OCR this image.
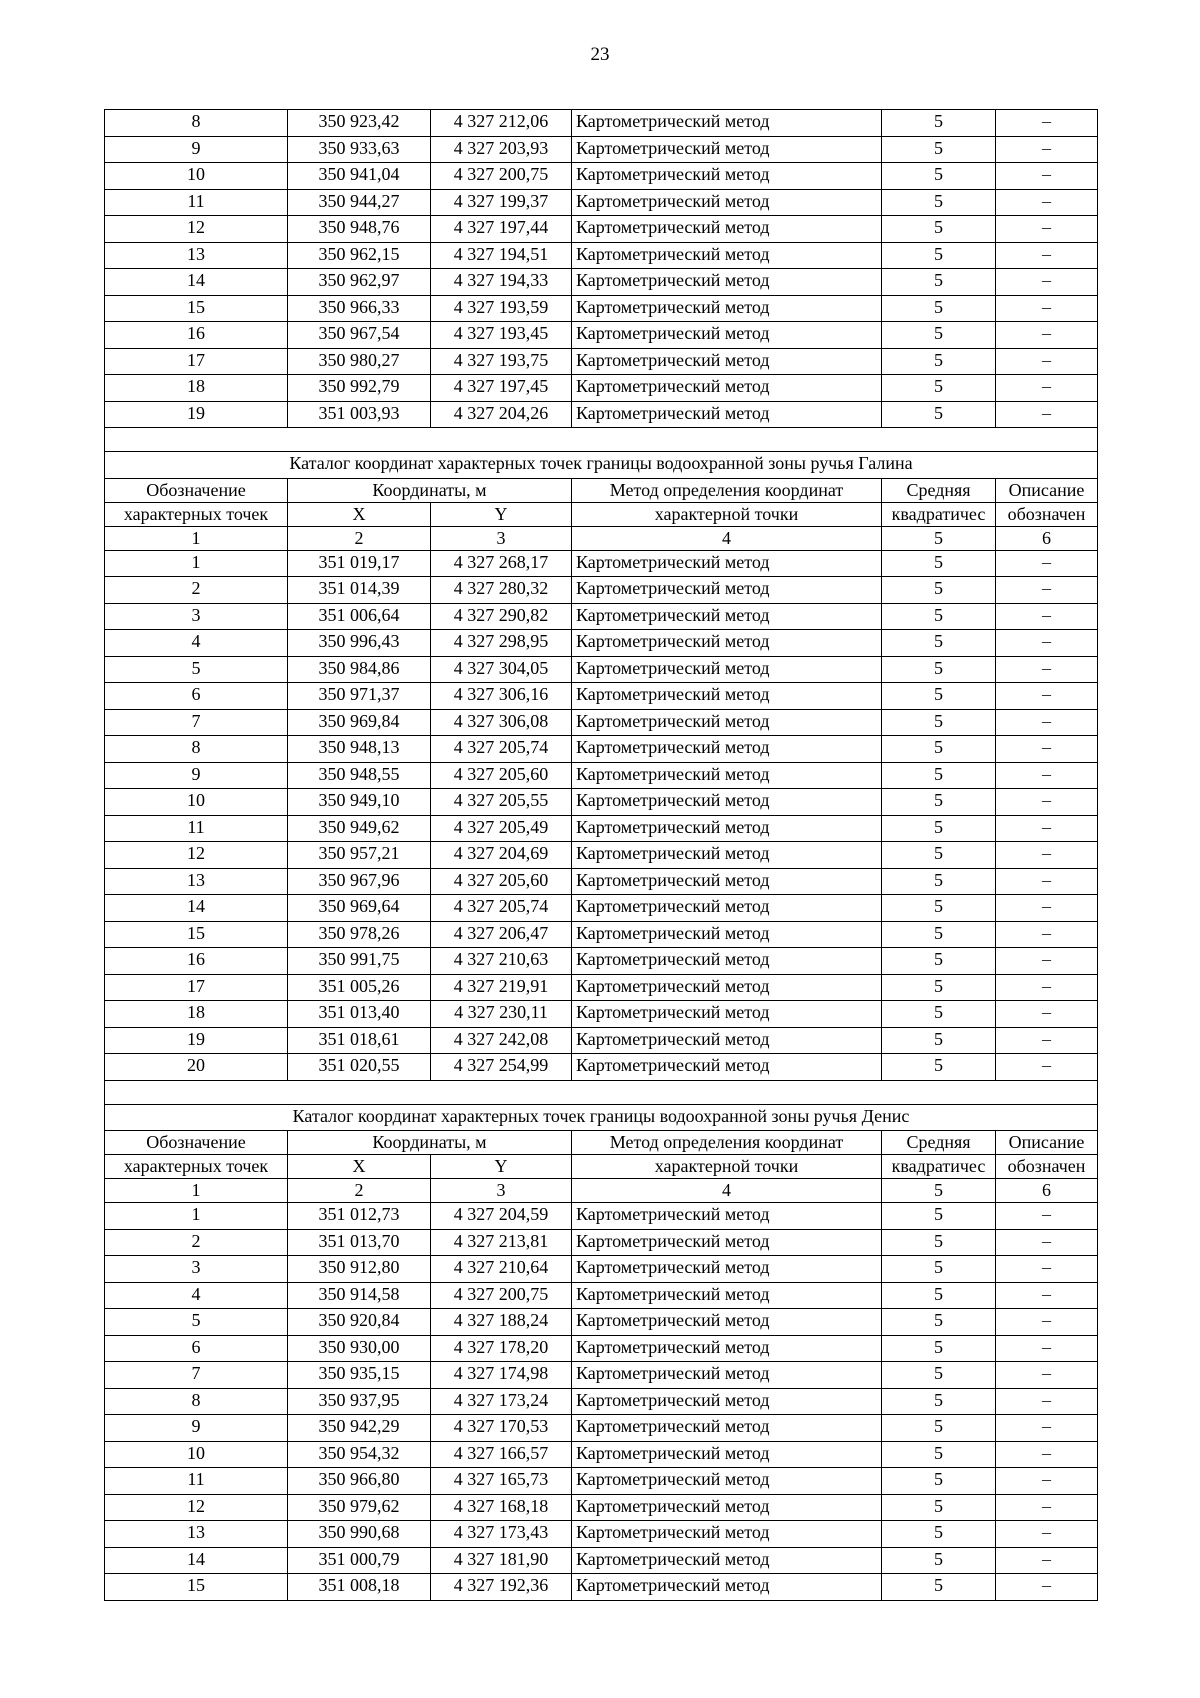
23
8	350 923,42	4 327 212,06	Картометрический метод	5	–
9	350 933,63	4 327 203,93	Картометрический метод	5	–
10	350 941,04	4 327 200,75	Картометрический метод	5	–
11	350 944,27	4 327 199,37	Картометрический метод	5	–
12	350 948,76	4 327 197,44	Картометрический метод	5	–
13	350 962,15	4 327 194,51	Картометрический метод	5	–
14	350 962,97	4 327 194,33	Картометрический метод	5	–
15	350 966,33	4 327 193,59	Картометрический метод	5	–
16	350 967,54	4 327 193,45	Картометрический метод	5	–
17	350 980,27	4 327 193,75	Картометрический метод	5	–
18	350 992,79	4 327 197,45	Картометрический метод	5	–
19	351 003,93	4 327 204,26	Картометрический метод	5	–

Каталог координат характерных точек границы водоохранной зоны ручья Галина					
Обозначение	Координаты, м		Метод определения координат	Средняя	Описание
характерных точек	X	Y	характерной точки	квадратичес	обозначен
1	2	3	4	5	6
1	351 019,17	4 327 268,17	Картометрический метод	5	–
2	351 014,39	4 327 280,32	Картометрический метод	5	–
3	351 006,64	4 327 290,82	Картометрический метод	5	–
4	350 996,43	4 327 298,95	Картометрический метод	5	–
5	350 984,86	4 327 304,05	Картометрический метод	5	–
6	350 971,37	4 327 306,16	Картометрический метод	5	–
7	350 969,84	4 327 306,08	Картометрический метод	5	–
8	350 948,13	4 327 205,74	Картометрический метод	5	–
9	350 948,55	4 327 205,60	Картометрический метод	5	–
10	350 949,10	4 327 205,55	Картометрический метод	5	–
11	350 949,62	4 327 205,49	Картометрический метод	5	–
12	350 957,21	4 327 204,69	Картометрический метод	5	–
13	350 967,96	4 327 205,60	Картометрический метод	5	–
14	350 969,64	4 327 205,74	Картометрический метод	5	–
15	350 978,26	4 327 206,47	Картометрический метод	5	–
16	350 991,75	4 327 210,63	Картометрический метод	5	–
17	351 005,26	4 327 219,91	Картометрический метод	5	–
18	351 013,40	4 327 230,11	Картометрический метод	5	–
19	351 018,61	4 327 242,08	Картометрический метод	5	–
20	351 020,55	4 327 254,99	Картометрический метод	5	–

Каталог координат характерных точек границы водоохранной зоны ручья Денис					
Обозначение	Координаты, м		Метод определения координат	Средняя	Описание
характерных точек	X	Y	характерной точки	квадратичес	обозначен
1	2	3	4	5	6
1	351 012,73	4 327 204,59	Картометрический метод	5	–
2	351 013,70	4 327 213,81	Картометрический метод	5	–
3	350 912,80	4 327 210,64	Картометрический метод	5	–
4	350 914,58	4 327 200,75	Картометрический метод	5	–
5	350 920,84	4 327 188,24	Картометрический метод	5	–
6	350 930,00	4 327 178,20	Картометрический метод	5	–
7	350 935,15	4 327 174,98	Картометрический метод	5	–
8	350 937,95	4 327 173,24	Картометрический метод	5	–
9	350 942,29	4 327 170,53	Картометрический метод	5	–
10	350 954,32	4 327 166,57	Картометрический метод	5	–
11	350 966,80	4 327 165,73	Картометрический метод	5	–
12	350 979,62	4 327 168,18	Картометрический метод	5	–
13	350 990,68	4 327 173,43	Картометрический метод	5	–
14	351 000,79	4 327 181,90	Картометрический метод	5	–
15	351 008,18	4 327 192,36	Картометрический метод	5	–
